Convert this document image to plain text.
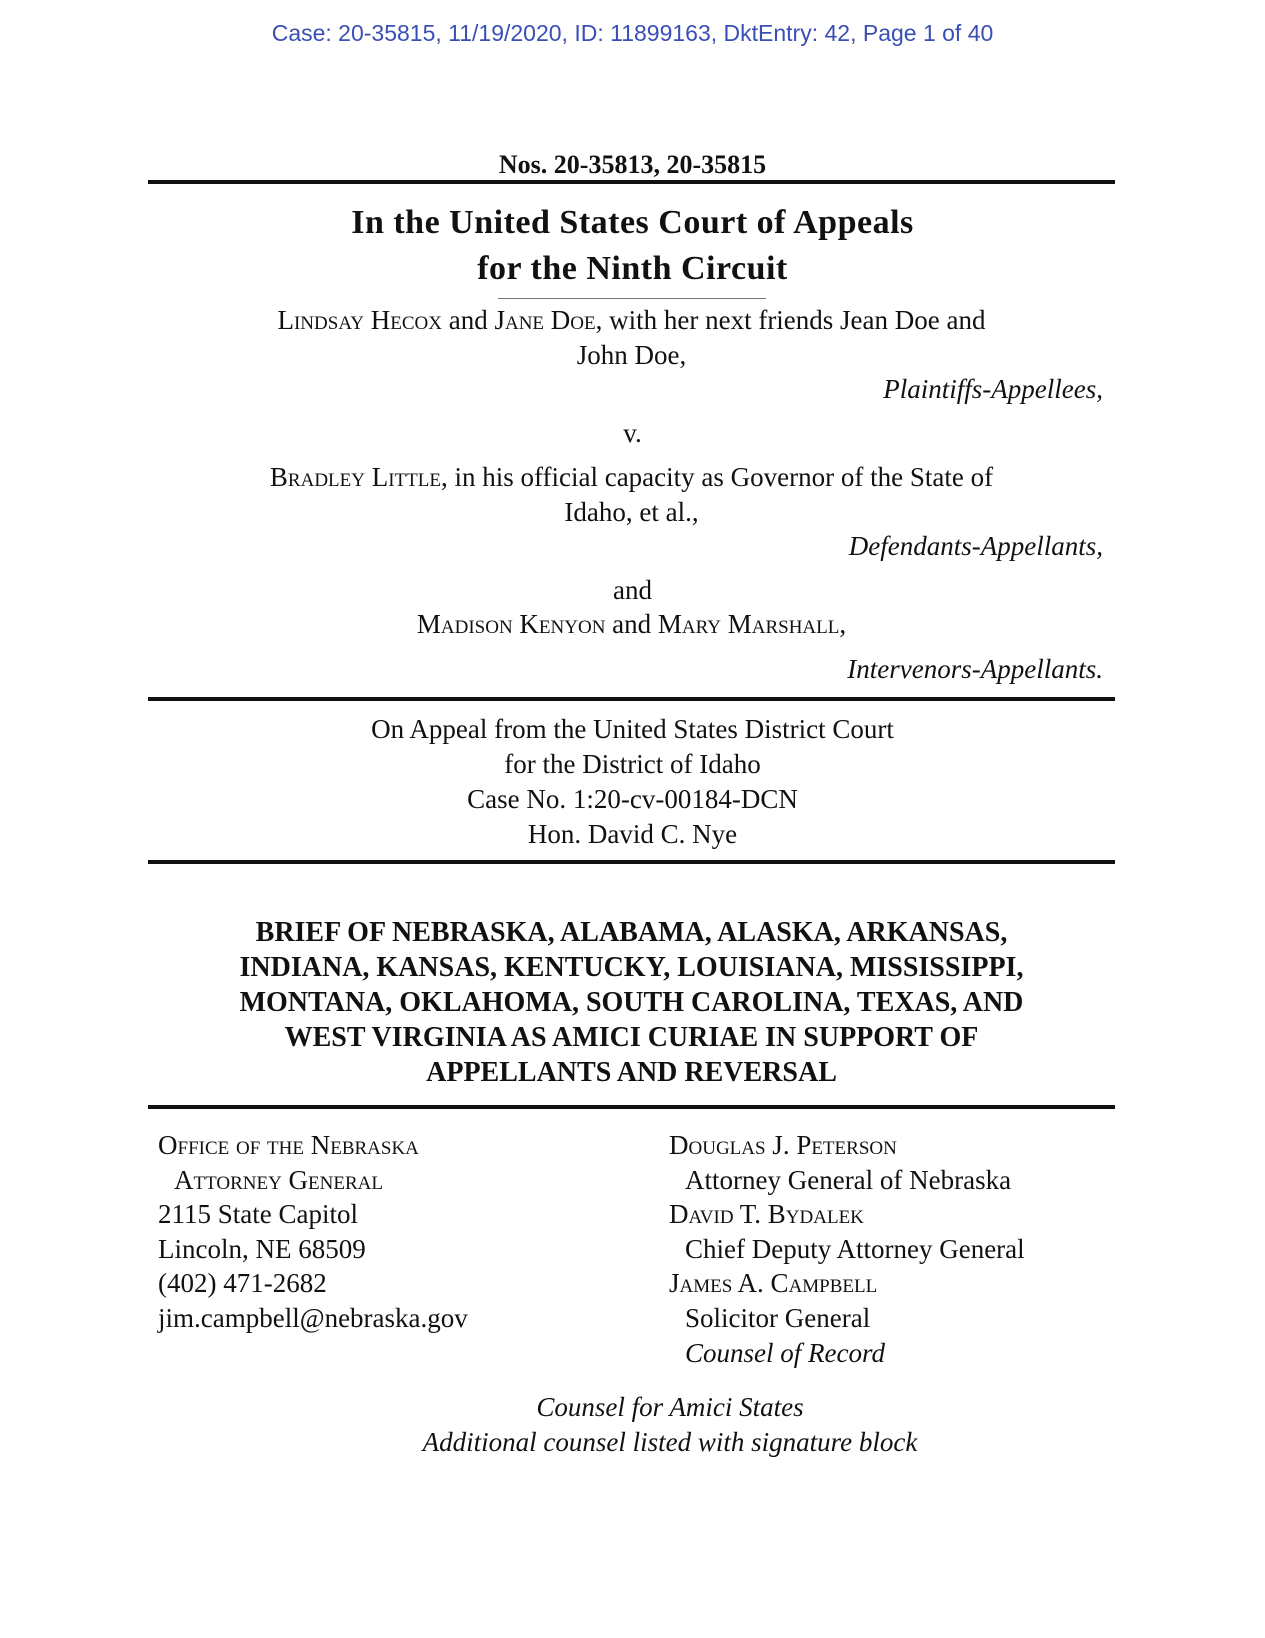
Case: 20-35815, 11/19/2020, ID: 11899163, DktEntry: 42, Page 1 of 40
Nos. 20-35813, 20-35815
In the United States Court of Appeals
for the Ninth Circuit
Lindsay Hecox and Jane Doe, with her next friends Jean Doe and
John Doe,
Plaintiffs-Appellees,
v.
Bradley Little, in his official capacity as Governor of the State of
Idaho, et al.,
Defendants-Appellants,
and
Madison Kenyon and Mary Marshall,
Intervenors-Appellants.
On Appeal from the United States District Court
for the District of Idaho
Case No. 1:20-cv-00184-DCN
Hon. David C. Nye
BRIEF OF NEBRASKA, ALABAMA, ALASKA, ARKANSAS,
INDIANA, KANSAS, KENTUCKY, LOUISIANA, MISSISSIPPI,
MONTANA, OKLAHOMA, SOUTH CAROLINA, TEXAS, AND
WEST VIRGINIA AS AMICI CURIAE IN SUPPORT OF
APPELLANTS AND REVERSAL
Office of the Nebraska
Attorney General
2115 State Capitol
Lincoln, NE 68509
(402) 471-2682
jim.campbell@nebraska.gov
Douglas J. Peterson
Attorney General of Nebraska
David T. Bydalek
Chief Deputy Attorney General
James A. Campbell
Solicitor General
Counsel of Record
Counsel for Amici States
Additional counsel listed with signature block
